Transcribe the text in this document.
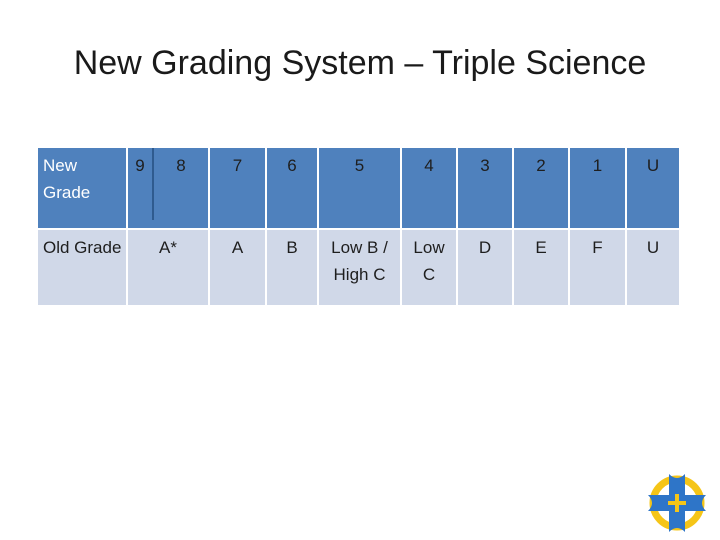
New Grading System – Triple Science
New Grade	9 8	7	6	5	4	3	2	1	U
Old Grade	A*	A	B	Low B / High C	Low C	D	E	F	U
